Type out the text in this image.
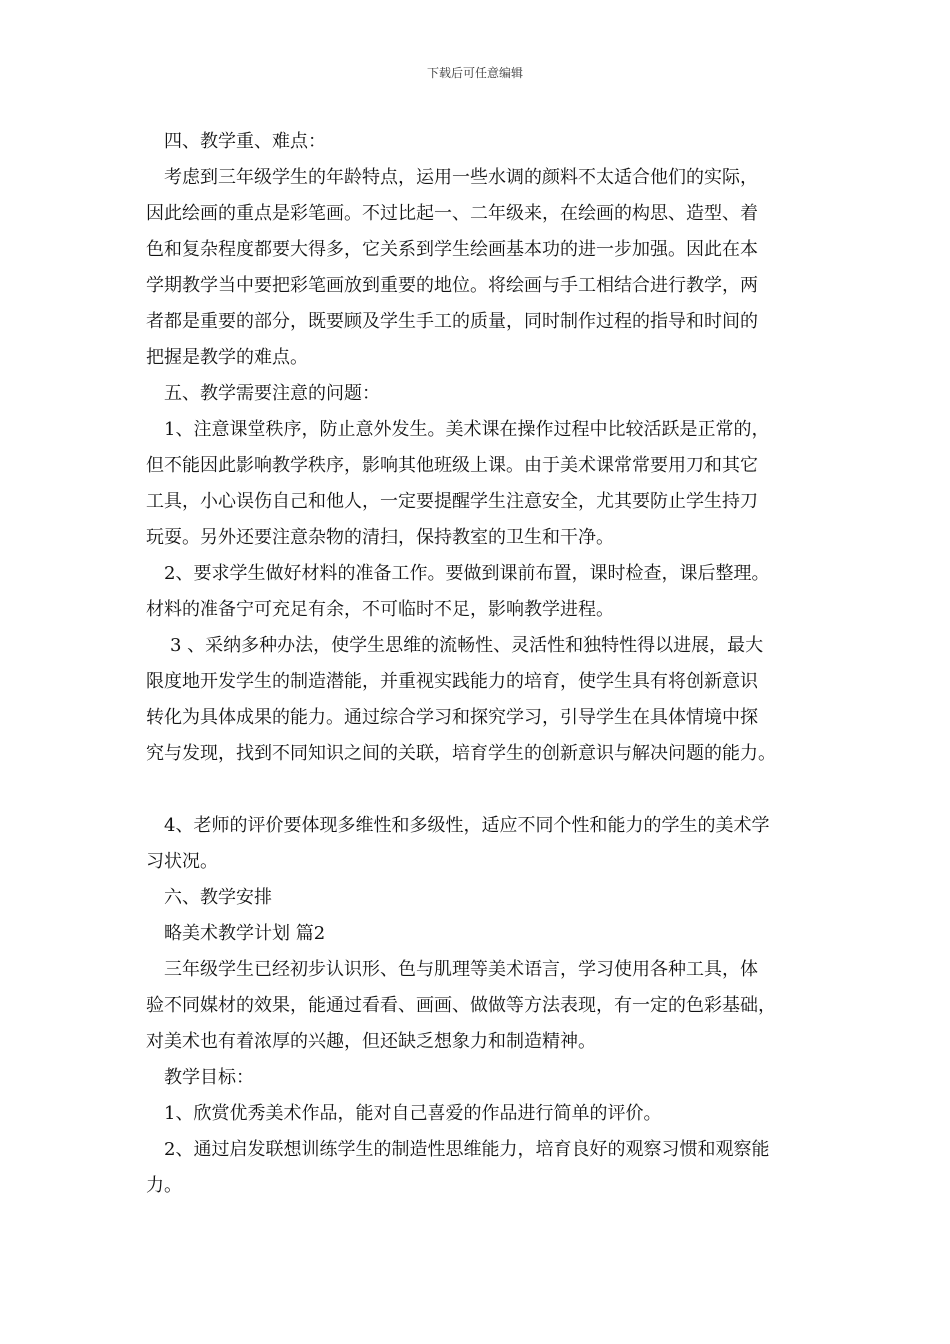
下载后可任意编辑
四、教学重、难点：
考虑到三年级学生的年龄特点，运用一些水调的颜料不太适合他们的实际，
因此绘画的重点是彩笔画。不过比起一、二年级来，在绘画的构思、造型、着
色和复杂程度都要大得多，它关系到学生绘画基本功的进一步加强。因此在本
学期教学当中要把彩笔画放到重要的地位。将绘画与手工相结合进行教学，两
者都是重要的部分，既要顾及学生手工的质量，同时制作过程的指导和时间的
把握是教学的难点。
五、教学需要注意的问题：
1、注意课堂秩序，防止意外发生。美术课在操作过程中比较活跃是正常的，
但不能因此影响教学秩序，影响其他班级上课。由于美术课常常要用刀和其它
工具，小心误伤自己和他人，一定要提醒学生注意安全，尤其要防止学生持刀
玩耍。另外还要注意杂物的清扫，保持教室的卫生和干净。
2、要求学生做好材料的准备工作。要做到课前布置，课时检查，课后整理。
材料的准备宁可充足有余，不可临时不足，影响教学进程。
3 、采纳多种办法，使学生思维的流畅性、灵活性和独特性得以进展，最大
限度地开发学生的制造潜能，并重视实践能力的培育，使学生具有将创新意识
转化为具体成果的能力。通过综合学习和探究学习，引导学生在具体情境中探
究与发现，找到不同知识之间的关联，培育学生的创新意识与解决问题的能力。
4、老师的评价要体现多维性和多级性，适应不同个性和能力的学生的美术学
习状况。
六、教学安排
略美术教学计划 篇2
三年级学生已经初步认识形、色与肌理等美术语言，学习使用各种工具，体
验不同媒材的效果，能通过看看、画画、做做等方法表现，有一定的色彩基础，
对美术也有着浓厚的兴趣，但还缺乏想象力和制造精神。
教学目标：
1、欣赏优秀美术作品，能对自己喜爱的作品进行简单的评价。
2、通过启发联想训练学生的制造性思维能力，培育良好的观察习惯和观察能
力。
